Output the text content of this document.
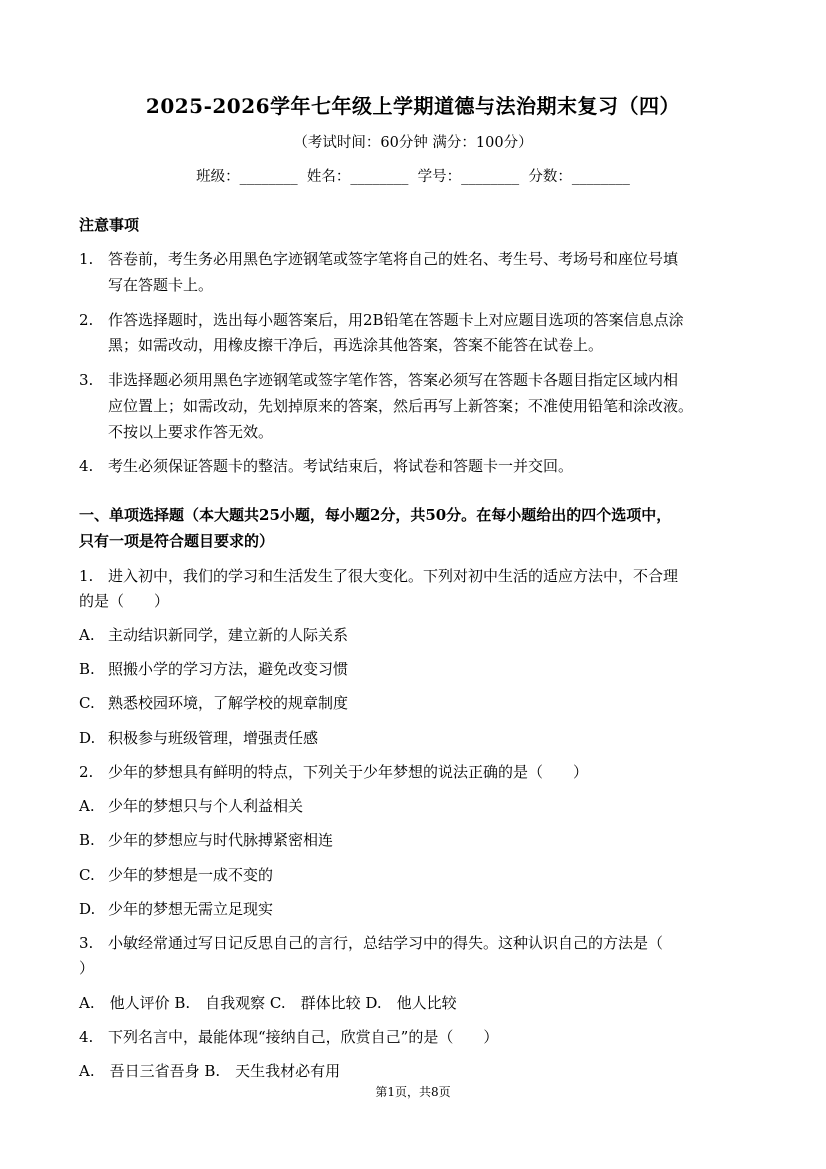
2025-2026学年七年级上学期道德与法治期末复习（四）
（考试时间：60分钟 满分：100分）
班级：________  姓名：________  学号：________  分数：________
注意事项
1. 答卷前，考生务必用黑色字迹钢笔或签字笔将自己的姓名、考生号、考场号和座位号填
写在答题卡上。
2. 作答选择题时，选出每小题答案后，用2B铅笔在答题卡上对应题目选项的答案信息点涂
黑；如需改动，用橡皮擦干净后，再选涂其他答案，答案不能答在试卷上。
3. 非选择题必须用黑色字迹钢笔或签字笔作答，答案必须写在答题卡各题目指定区域内相
应位置上；如需改动，先划掉原来的答案，然后再写上新答案；不准使用铅笔和涂改液。
不按以上要求作答无效。
4. 考生必须保证答题卡的整洁。考试结束后，将试卷和答题卡一并交回。
一、单项选择题（本大题共25小题，每小题2分，共50分。在每小题给出的四个选项中，
只有一项是符合题目要求的）
1. 进入初中，我们的学习和生活发生了很大变化。下列对初中生活的适应方法中，不合理
的是（　　）
A. 主动结识新同学，建立新的人际关系
B. 照搬小学的学习方法，避免改变习惯
C. 熟悉校园环境，了解学校的规章制度
D. 积极参与班级管理，增强责任感
2. 少年的梦想具有鲜明的特点，下列关于少年梦想的说法正确的是（　　）
A. 少年的梦想只与个人利益相关
B. 少年的梦想应与时代脉搏紧密相连
C. 少年的梦想是一成不变的
D. 少年的梦想无需立足现实
3. 小敏经常通过写日记反思自己的言行，总结学习中的得失。这种认识自己的方法是（
）
A.　他人评价 B.　自我观察 C.　群体比较 D.　他人比较
4. 下列名言中，最能体现“接纳自己，欣赏自己”的是（　　）
A.　吾日三省吾身 B.　天生我材必有用
第1页，共8页
